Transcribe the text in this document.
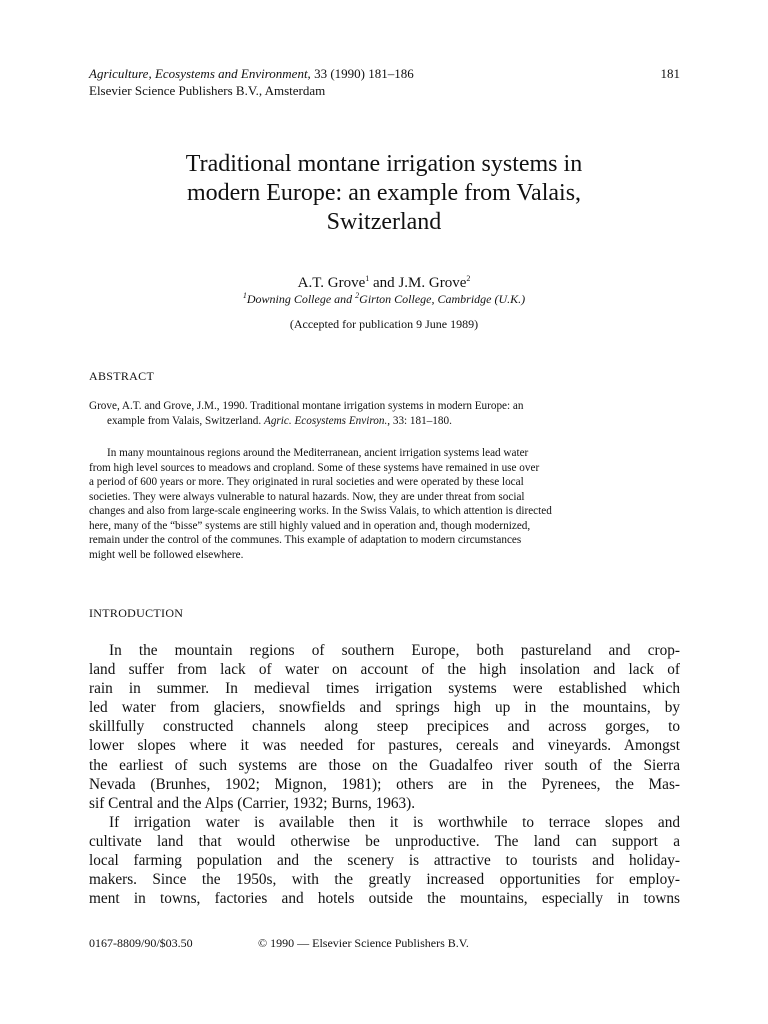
Agriculture, Ecosystems and Environment, 33 (1990) 181–186
Elsevier Science Publishers B.V., Amsterdam
181
Traditional montane irrigation systems in
modern Europe: an example from Valais,
Switzerland
A.T. Grove$^1$ and J.M. Grove$^2$
$^1$Downing College and $^2$Girton College, Cambridge (U.K.)
(Accepted for publication 9 June 1989)
ABSTRACT
Grove, A.T. and Grove, J.M., 1990. Traditional montane irrigation systems in modern Europe: an
example from Valais, Switzerland. Agric. Ecosystems Environ., 33: 181–180.
In many mountainous regions around the Mediterranean, ancient irrigation systems lead water
from high level sources to meadows and cropland. Some of these systems have remained in use over
a period of 600 years or more. They originated in rural societies and were operated by these local
societies. They were always vulnerable to natural hazards. Now, they are under threat from social
changes and also from large-scale engineering works. In the Swiss Valais, to which attention is directed
here, many of the “bisse” systems are still highly valued and in operation and, though modernized,
remain under the control of the communes. This example of adaptation to modern circumstances
might well be followed elsewhere.
INTRODUCTION
In the mountain regions of southern Europe, both pastureland and crop-
land suffer from lack of water on account of the high insolation and lack of
rain in summer. In medieval times irrigation systems were established which
led water from glaciers, snowfields and springs high up in the mountains, by
skillfully constructed channels along steep precipices and across gorges, to
lower slopes where it was needed for pastures, cereals and vineyards. Amongst
the earliest of such systems are those on the Guadalfeo river south of the Sierra
Nevada (Brunhes, 1902; Mignon, 1981); others are in the Pyrenees, the Mas-
sif Central and the Alps (Carrier, 1932; Burns, 1963).
If irrigation water is available then it is worthwhile to terrace slopes and
cultivate land that would otherwise be unproductive. The land can support a
local farming population and the scenery is attractive to tourists and holiday-
makers. Since the 1950s, with the greatly increased opportunities for employ-
ment in towns, factories and hotels outside the mountains, especially in towns
0167-8809/90/$03.50	© 1990 — Elsevier Science Publishers B.V.
